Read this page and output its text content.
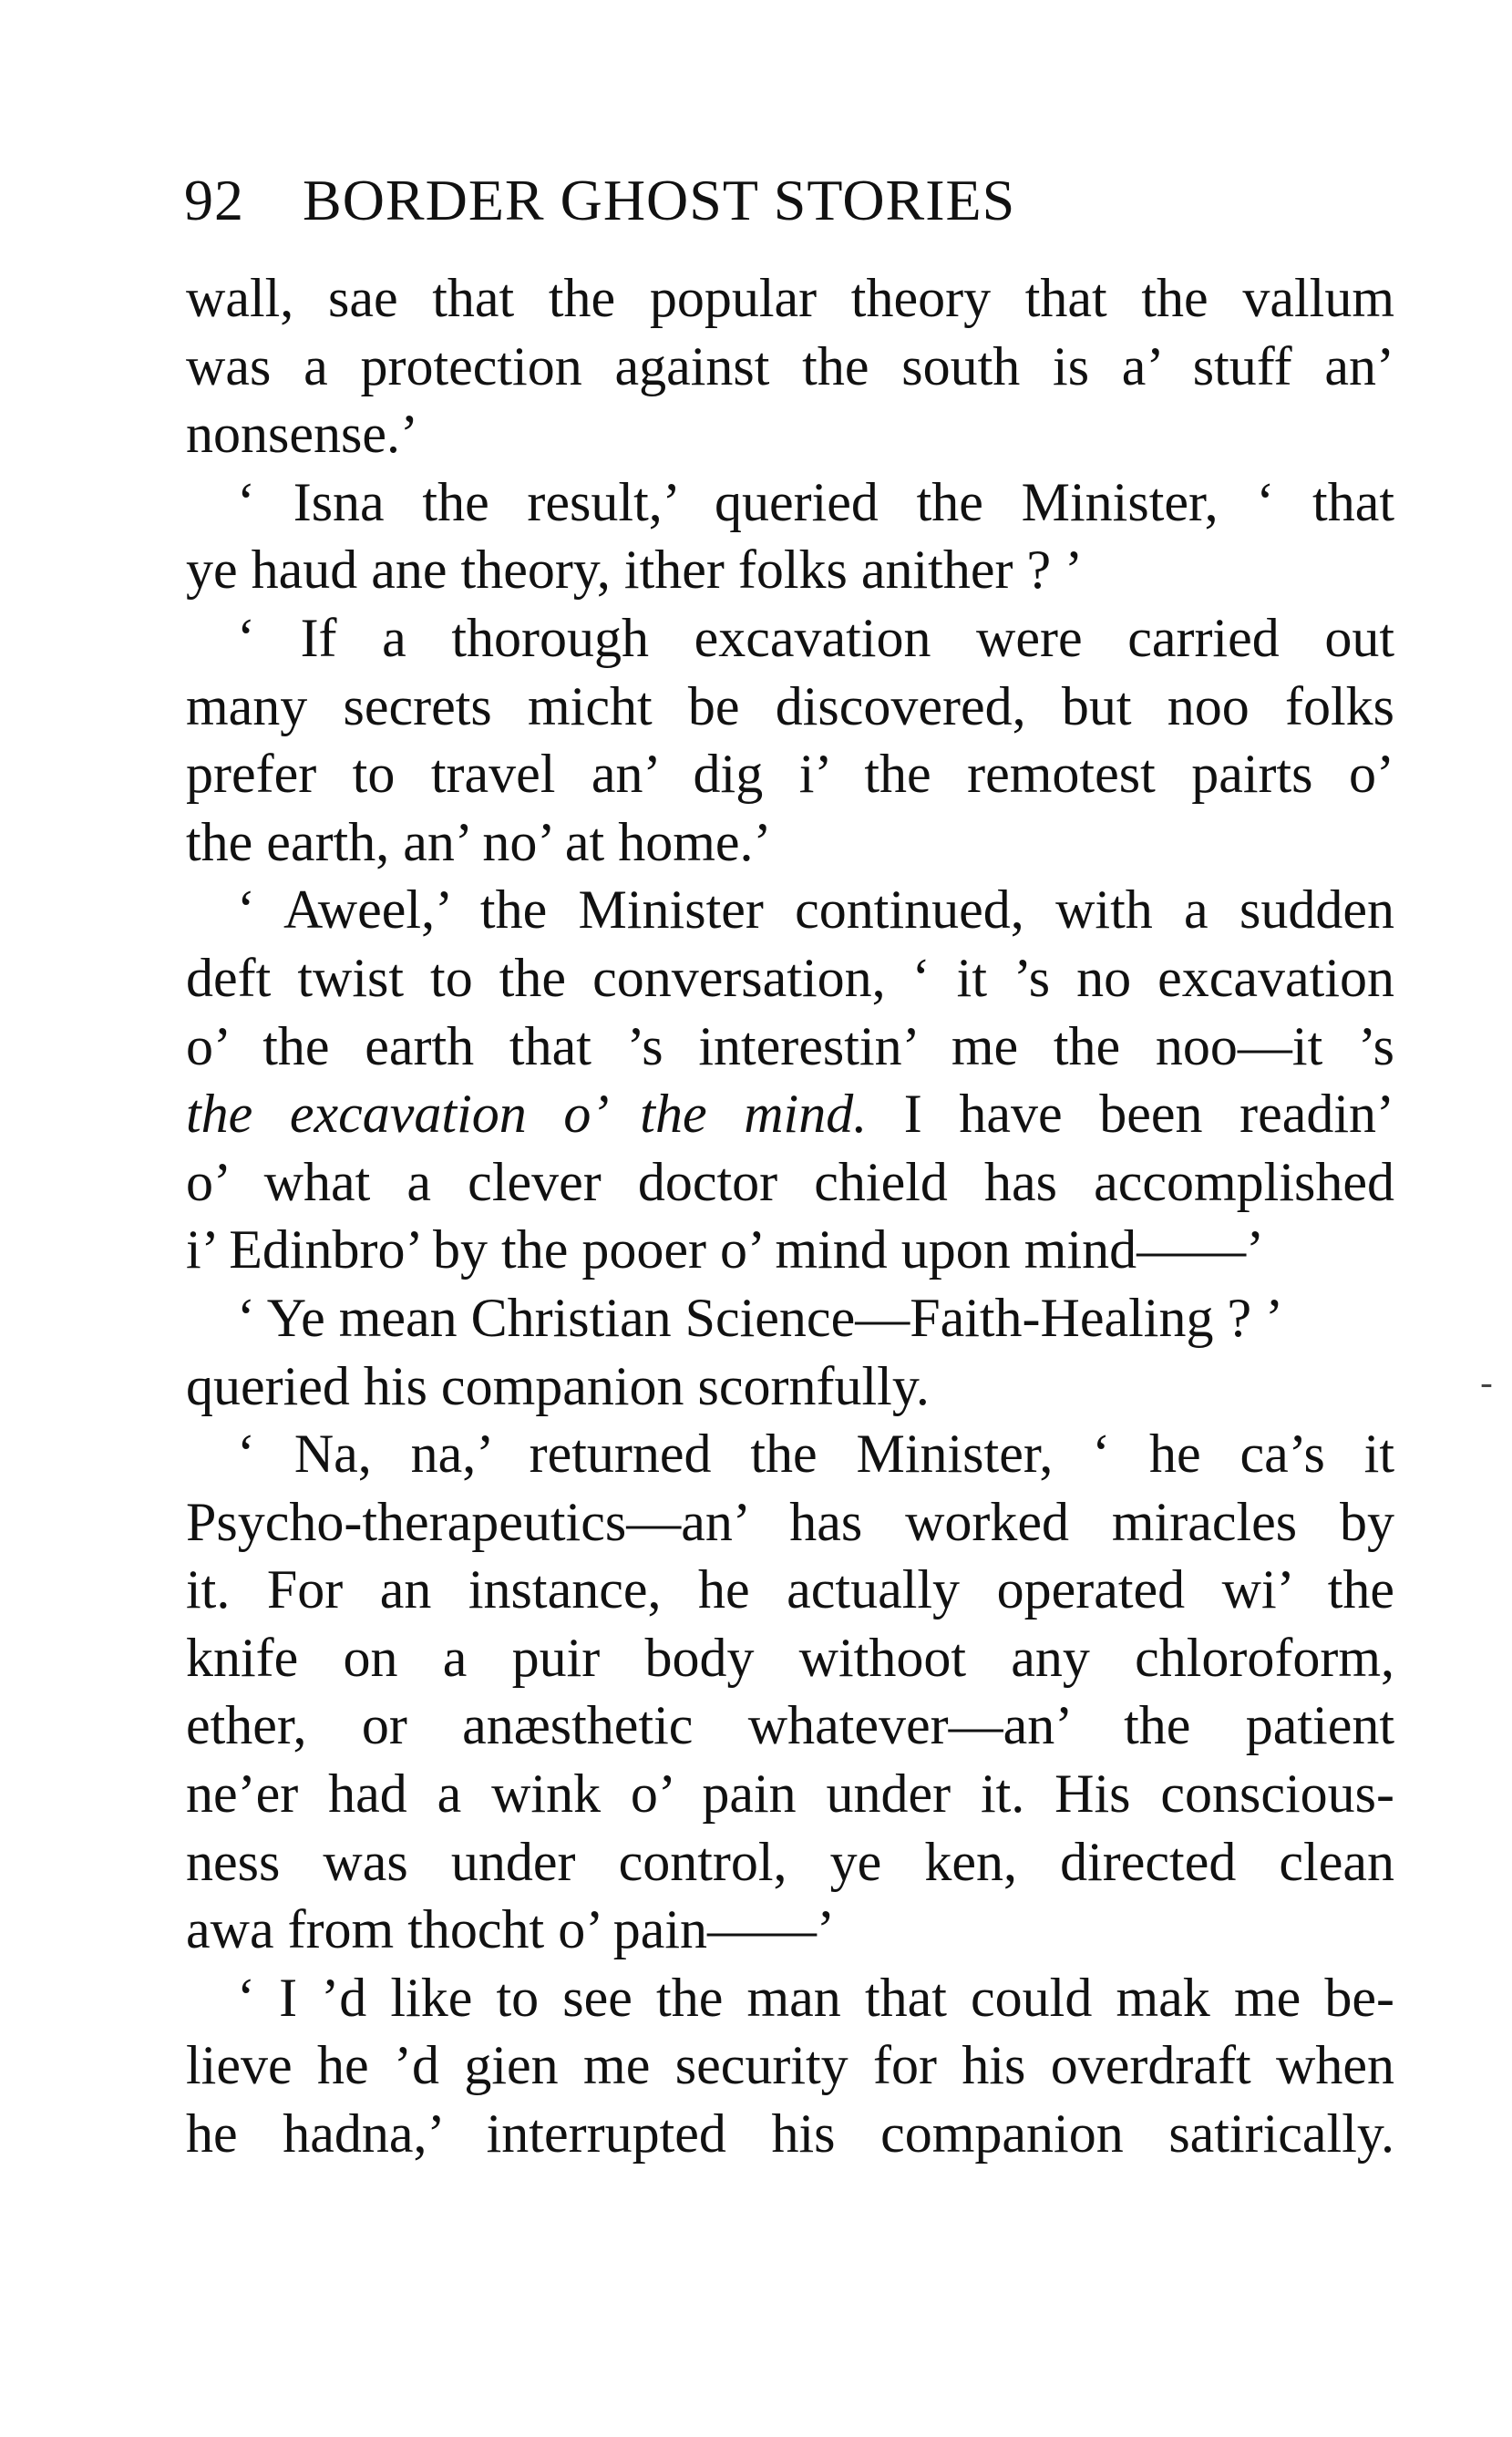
92 BORDER GHOST STORIES
wall, sae that the popular theory that the vallum
was a protection against the south is a’ stuff an’
nonsense.’
‘ Isna the result,’ queried the Minister, ‘ that
ye haud ane theory, ither folks anither ? ’
‘ If a thorough excavation were carried out
many secrets micht be discovered, but noo folks
prefer to travel an’ dig i’ the remotest pairts o’
the earth, an’ no’ at home.’
‘ Aweel,’ the Minister continued, with a sudden
deft twist to the conversation, ‘ it ’s no excavation
o’ the earth that ’s interestin’ me the noo—it ’s
the excavation o’ the mind. I have been readin’
o’ what a clever doctor chield has accomplished
i’ Edinbro’ by the pooer o’ mind upon mind——’
‘ Ye mean Christian Science—Faith-Healing ? ’
queried his companion scornfully.
‘ Na, na,’ returned the Minister, ‘ he ca’s it
Psycho-therapeutics—an’ has worked miracles by
it. For an instance, he actually operated wi’ the
knife on a puir body withoot any chloroform,
ether, or anæsthetic whatever—an’ the patient
ne’er had a wink o’ pain under it. His conscious-
ness was under control, ye ken, directed clean
awa from thocht o’ pain——’
‘ I ’d like to see the man that could mak me be-
lieve he ’d gien me security for his overdraft when
he hadna,’ interrupted his companion satirically.
ـ
